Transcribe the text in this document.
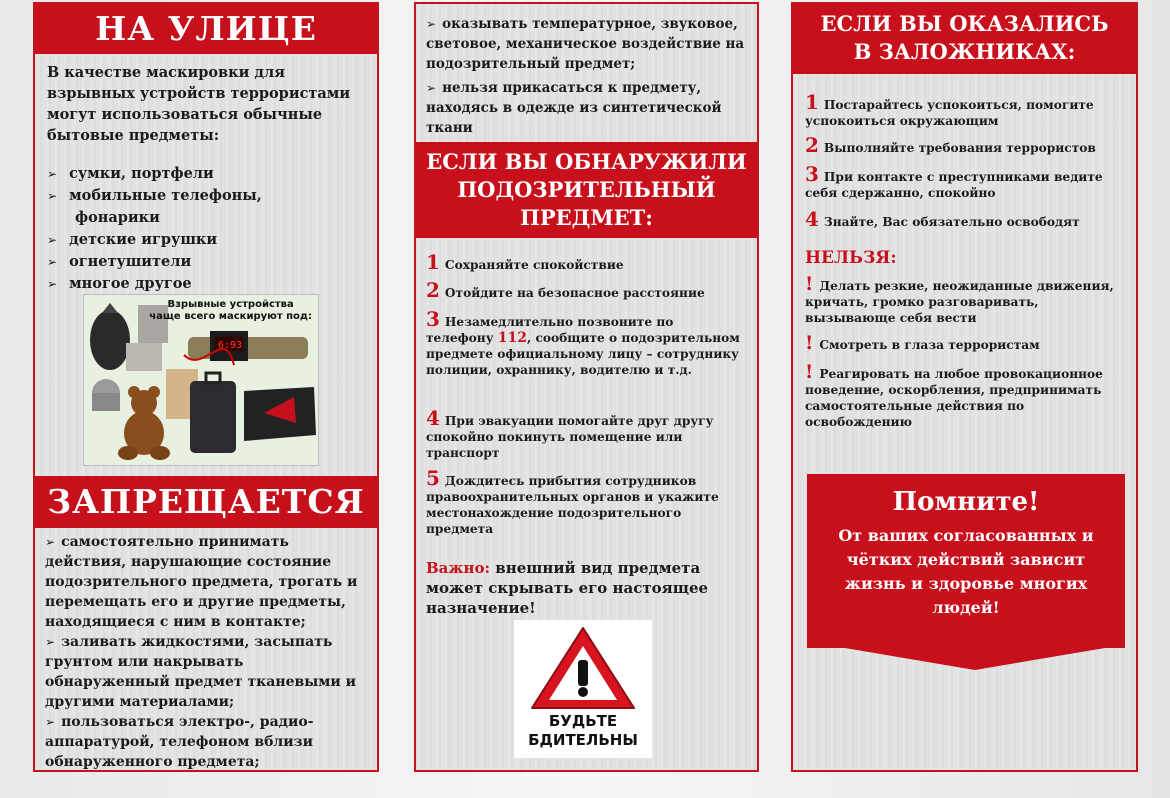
НА УЛИЦЕ
В качестве маскировки для взрывных устройств террористами могут использоваться обычные бытовые предметы:
➢ сумки, портфели
➢ мобильные телефоны,
фонарики
➢ детские игрушки
➢ огнетушители
➢ многое другое
Взрывные устройства
чаще всего маскируют под:
6:93
ЗАПРЕЩАЕТСЯ
➢ самостоятельно принимать действия, нарушающие состояние подозрительного предмета, трогать и перемещать его и другие предметы, находящиеся с ним в контакте;
➢ заливать жидкостями, засыпать грунтом или накрывать обнаруженный предмет тканевыми и другими материалами;
➢ пользоваться электро-, радио-аппаратурой, телефоном вблизи обнаруженного предмета;
➢ оказывать температурное, звуковое, световое, механическое воздействие на подозрительный предмет;
➢ нельзя прикасаться к предмету, находясь в одежде из синтетической ткани
ЕСЛИ ВЫ ОБНАРУЖИЛИ
ПОДОЗРИТЕЛЬНЫЙ
ПРЕДМЕТ:
1 Сохраняйте спокойствие
2 Отойдите на безопасное расстояние
3 Незамедлительно позвоните по
телефону 112, сообщите о подозрительном предмете официальному лицу – сотруднику полиции, охраннику, водителю и т.д.
4 При эвакуации помогайте друг другу спокойно покинуть помещение или транспорт
5 Дождитесь прибытия сотрудников правоохранительных органов и укажите местонахождение подозрительного предмета
Важно: внешний вид предмета может скрывать его настоящее назначение!
БУДЬТЕ
БДИТЕЛЬНЫ
ЕСЛИ ВЫ ОКАЗАЛИСЬ
В ЗАЛОЖНИКАХ:
1 Постарайтесь успокоиться, помогите успокоиться окружающим
2 Выполняйте требования террористов
3 При контакте с преступниками ведите себя сдержанно, спокойно
4 Знайте, Вас обязательно освободят
НЕЛЬЗЯ:
! Делать резкие, неожиданные движения, кричать, громко разговаривать, вызывающе себя вести
! Смотреть в глаза террористам
! Реагировать на любое провокационное поведение, оскорбления, предпринимать самостоятельные действия по освобождению
Помните!
От ваших согласованных и чётких действий зависит жизнь и здоровье многих людей!
